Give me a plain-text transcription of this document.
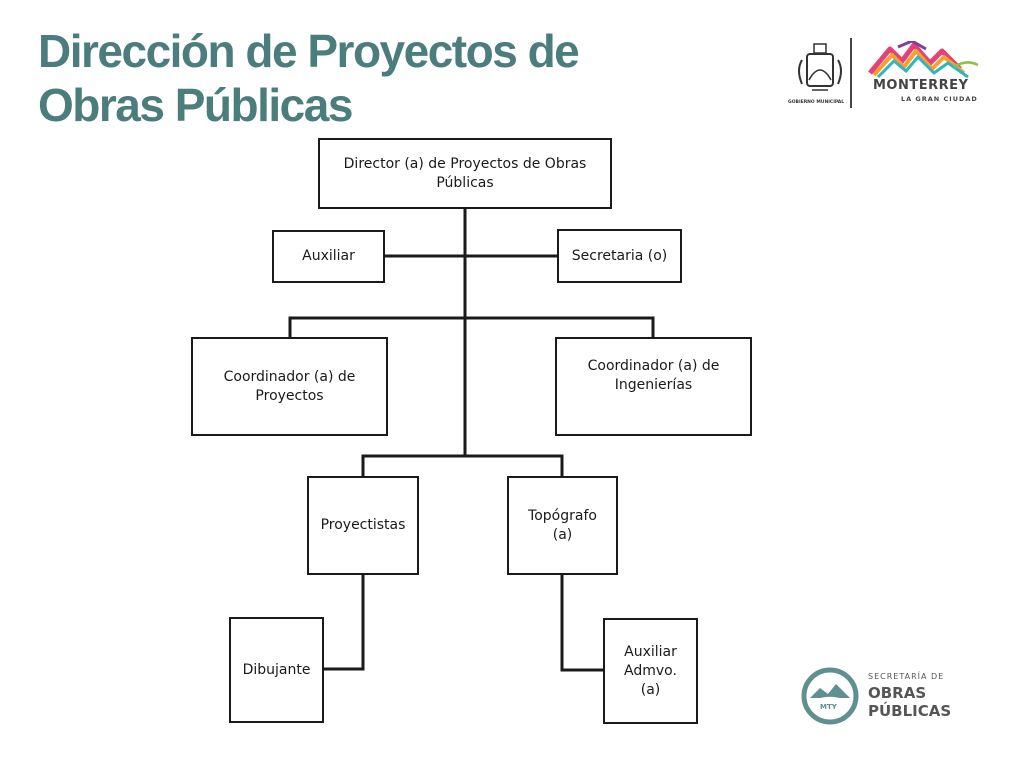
Dirección de Proyectos de
Obras Públicas
Director (a) de Proyectos de Obras Públicas
Auxiliar	Secretaria (o)
Coordinador (a) de Proyectos
Coordinador (a) de Ingenierías
Proyectistas
Topógrafo (a)
Dibujante
Auxiliar Admvo. (a)
GOBIERNO MUNICIPAL
MONTERREY
LA GRAN CIUDAD
MTY
SECRETARÍA DE
OBRAS
PÚBLICAS
